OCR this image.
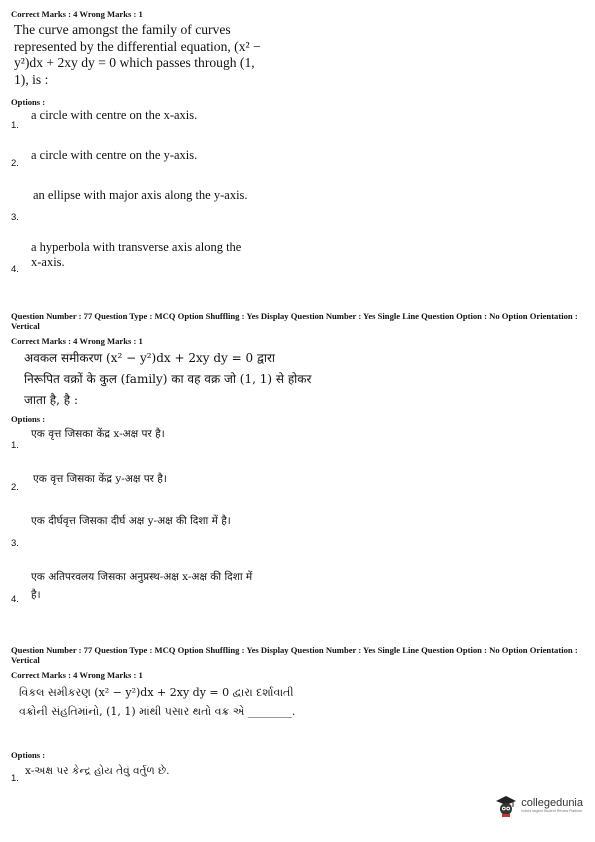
Correct Marks : 4 Wrong Marks : 1
The curve amongst the family of curves represented by the differential equation, (x² − y²)dx + 2xy dy = 0 which passes through (1, 1), is :
Options :
1.
a circle with centre on the x-axis.
2.
a circle with centre on the y-axis.
3.
an ellipse with major axis along the y-axis.
4.
a hyperbola with transverse axis along the x-axis.
Question Number : 77 Question Type : MCQ Option Shuffling : Yes Display Question Number : Yes Single Line Question Option : No Option Orientation : Vertical
Correct Marks : 4 Wrong Marks : 1
अवकल समीकरण (x² − y²)dx + 2xy dy = 0 द्वारा निरूपित वक्रों के कुल (family) का वह वक्र जो (1, 1) से होकर जाता है, है :
Options :
1.
एक वृत्त जिसका केंद्र x-अक्ष पर है।
2.
एक वृत्त जिसका केंद्र y-अक्ष पर है।
3.
एक दीर्घवृत्त जिसका दीर्घ अक्ष y-अक्ष की दिशा में है।
4.
एक अतिपरवलय जिसका अनुप्रस्थ-अक्ष x-अक्ष की दिशा में है।
Question Number : 77 Question Type : MCQ Option Shuffling : Yes Display Question Number : Yes Single Line Question Option : No Option Orientation : Vertical
Correct Marks : 4 Wrong Marks : 1
વિકલ સમીકરણ (x² − y²)dx + 2xy dy = 0 દ્વારા દર્શાવાતી વક્રોની સંહતિમાંનો, (1, 1) માંથી પસાર થતો વક્ર એ ________.
Options :
1.
x-અક્ષ પર કેન્દ્ર હોય તેવું વર્તુળ છે.
collegedunia
India's largest Student Review Platform
